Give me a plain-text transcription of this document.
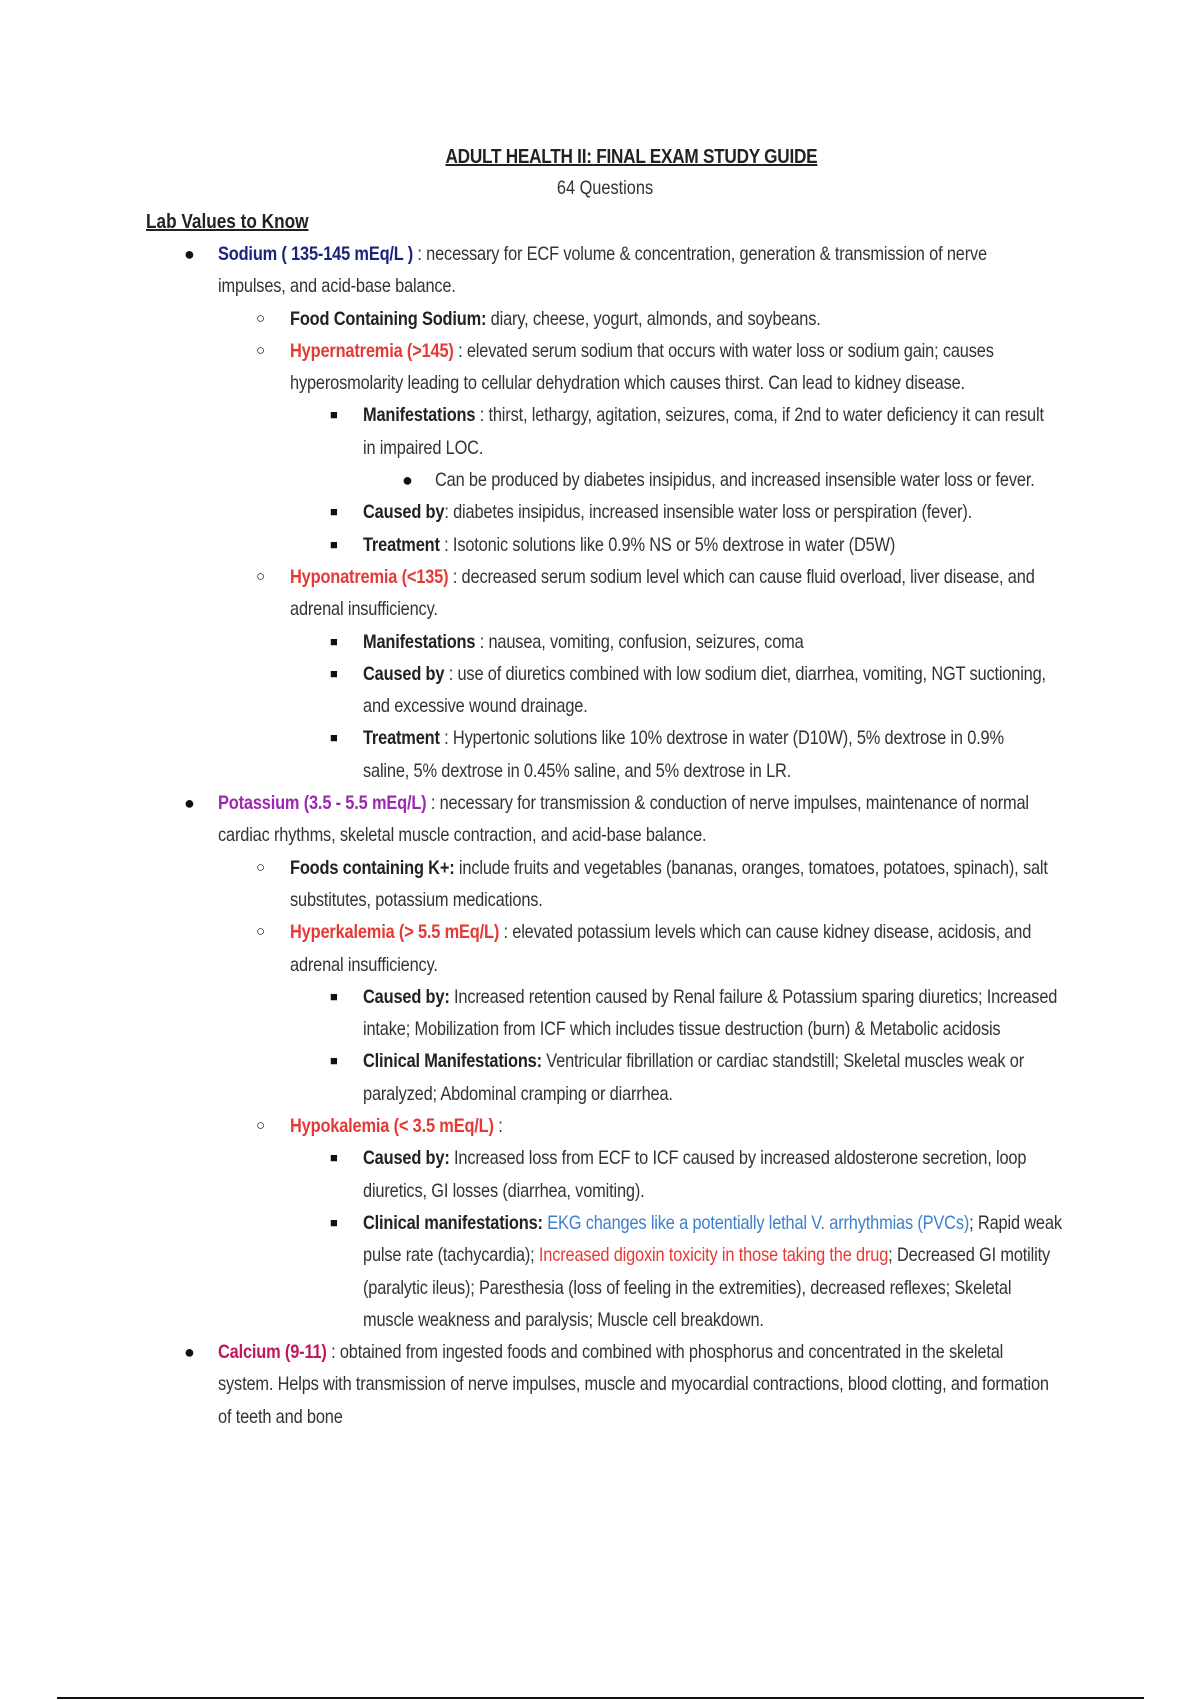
ADULT HEALTH II: FINAL EXAM STUDY GUIDE
64 Questions
Lab Values to Know
● Sodium ( 135-145 mEq/L ) : necessary for ECF volume & concentration, generation & transmission of nerve
impulses, and acid-base balance.
○ Food Containing Sodium: diary, cheese, yogurt, almonds, and soybeans.
○ Hypernatremia (>145) : elevated serum sodium that occurs with water loss or sodium gain; causes
hyperosmolarity leading to cellular dehydration which causes thirst. Can lead to kidney disease.
■ Manifestations : thirst, lethargy, agitation, seizures, coma, if 2nd to water deficiency it can result
in impaired LOC.
● Can be produced by diabetes insipidus, and increased insensible water loss or fever.
■ Caused by: diabetes insipidus, increased insensible water loss or perspiration (fever).
■ Treatment : Isotonic solutions like 0.9% NS or 5% dextrose in water (D5W)
○ Hyponatremia (<135) : decreased serum sodium level which can cause fluid overload, liver disease, and
adrenal insufficiency.
■ Manifestations : nausea, vomiting, confusion, seizures, coma
■ Caused by : use of diuretics combined with low sodium diet, diarrhea, vomiting, NGT suctioning,
and excessive wound drainage.
■ Treatment : Hypertonic solutions like 10% dextrose in water (D10W), 5% dextrose in 0.9%
saline, 5% dextrose in 0.45% saline, and 5% dextrose in LR.
● Potassium (3.5 - 5.5 mEq/L) : necessary for transmission & conduction of nerve impulses, maintenance of normal
cardiac rhythms, skeletal muscle contraction, and acid-base balance.
○ Foods containing K+: include fruits and vegetables (bananas, oranges, tomatoes, potatoes, spinach), salt
substitutes, potassium medications.
○ Hyperkalemia (> 5.5 mEq/L) : elevated potassium levels which can cause kidney disease, acidosis, and
adrenal insufficiency.
■ Caused by: Increased retention caused by Renal failure & Potassium sparing diuretics; Increased
intake; Mobilization from ICF which includes tissue destruction (burn) & Metabolic acidosis
■ Clinical Manifestations: Ventricular fibrillation or cardiac standstill; Skeletal muscles weak or
paralyzed; Abdominal cramping or diarrhea.
○ Hypokalemia (< 3.5 mEq/L) :
■ Caused by: Increased loss from ECF to ICF caused by increased aldosterone secretion, loop
diuretics, GI losses (diarrhea, vomiting).
■ Clinical manifestations: EKG changes like a potentially lethal V. arrhythmias (PVCs); Rapid weak
pulse rate (tachycardia); Increased digoxin toxicity in those taking the drug; Decreased GI motility
(paralytic ileus); Paresthesia (loss of feeling in the extremities), decreased reflexes; Skeletal
muscle weakness and paralysis; Muscle cell breakdown.
● Calcium (9-11) : obtained from ingested foods and combined with phosphorus and concentrated in the skeletal
system. Helps with transmission of nerve impulses, muscle and myocardial contractions, blood clotting, and formation
of teeth and bone
